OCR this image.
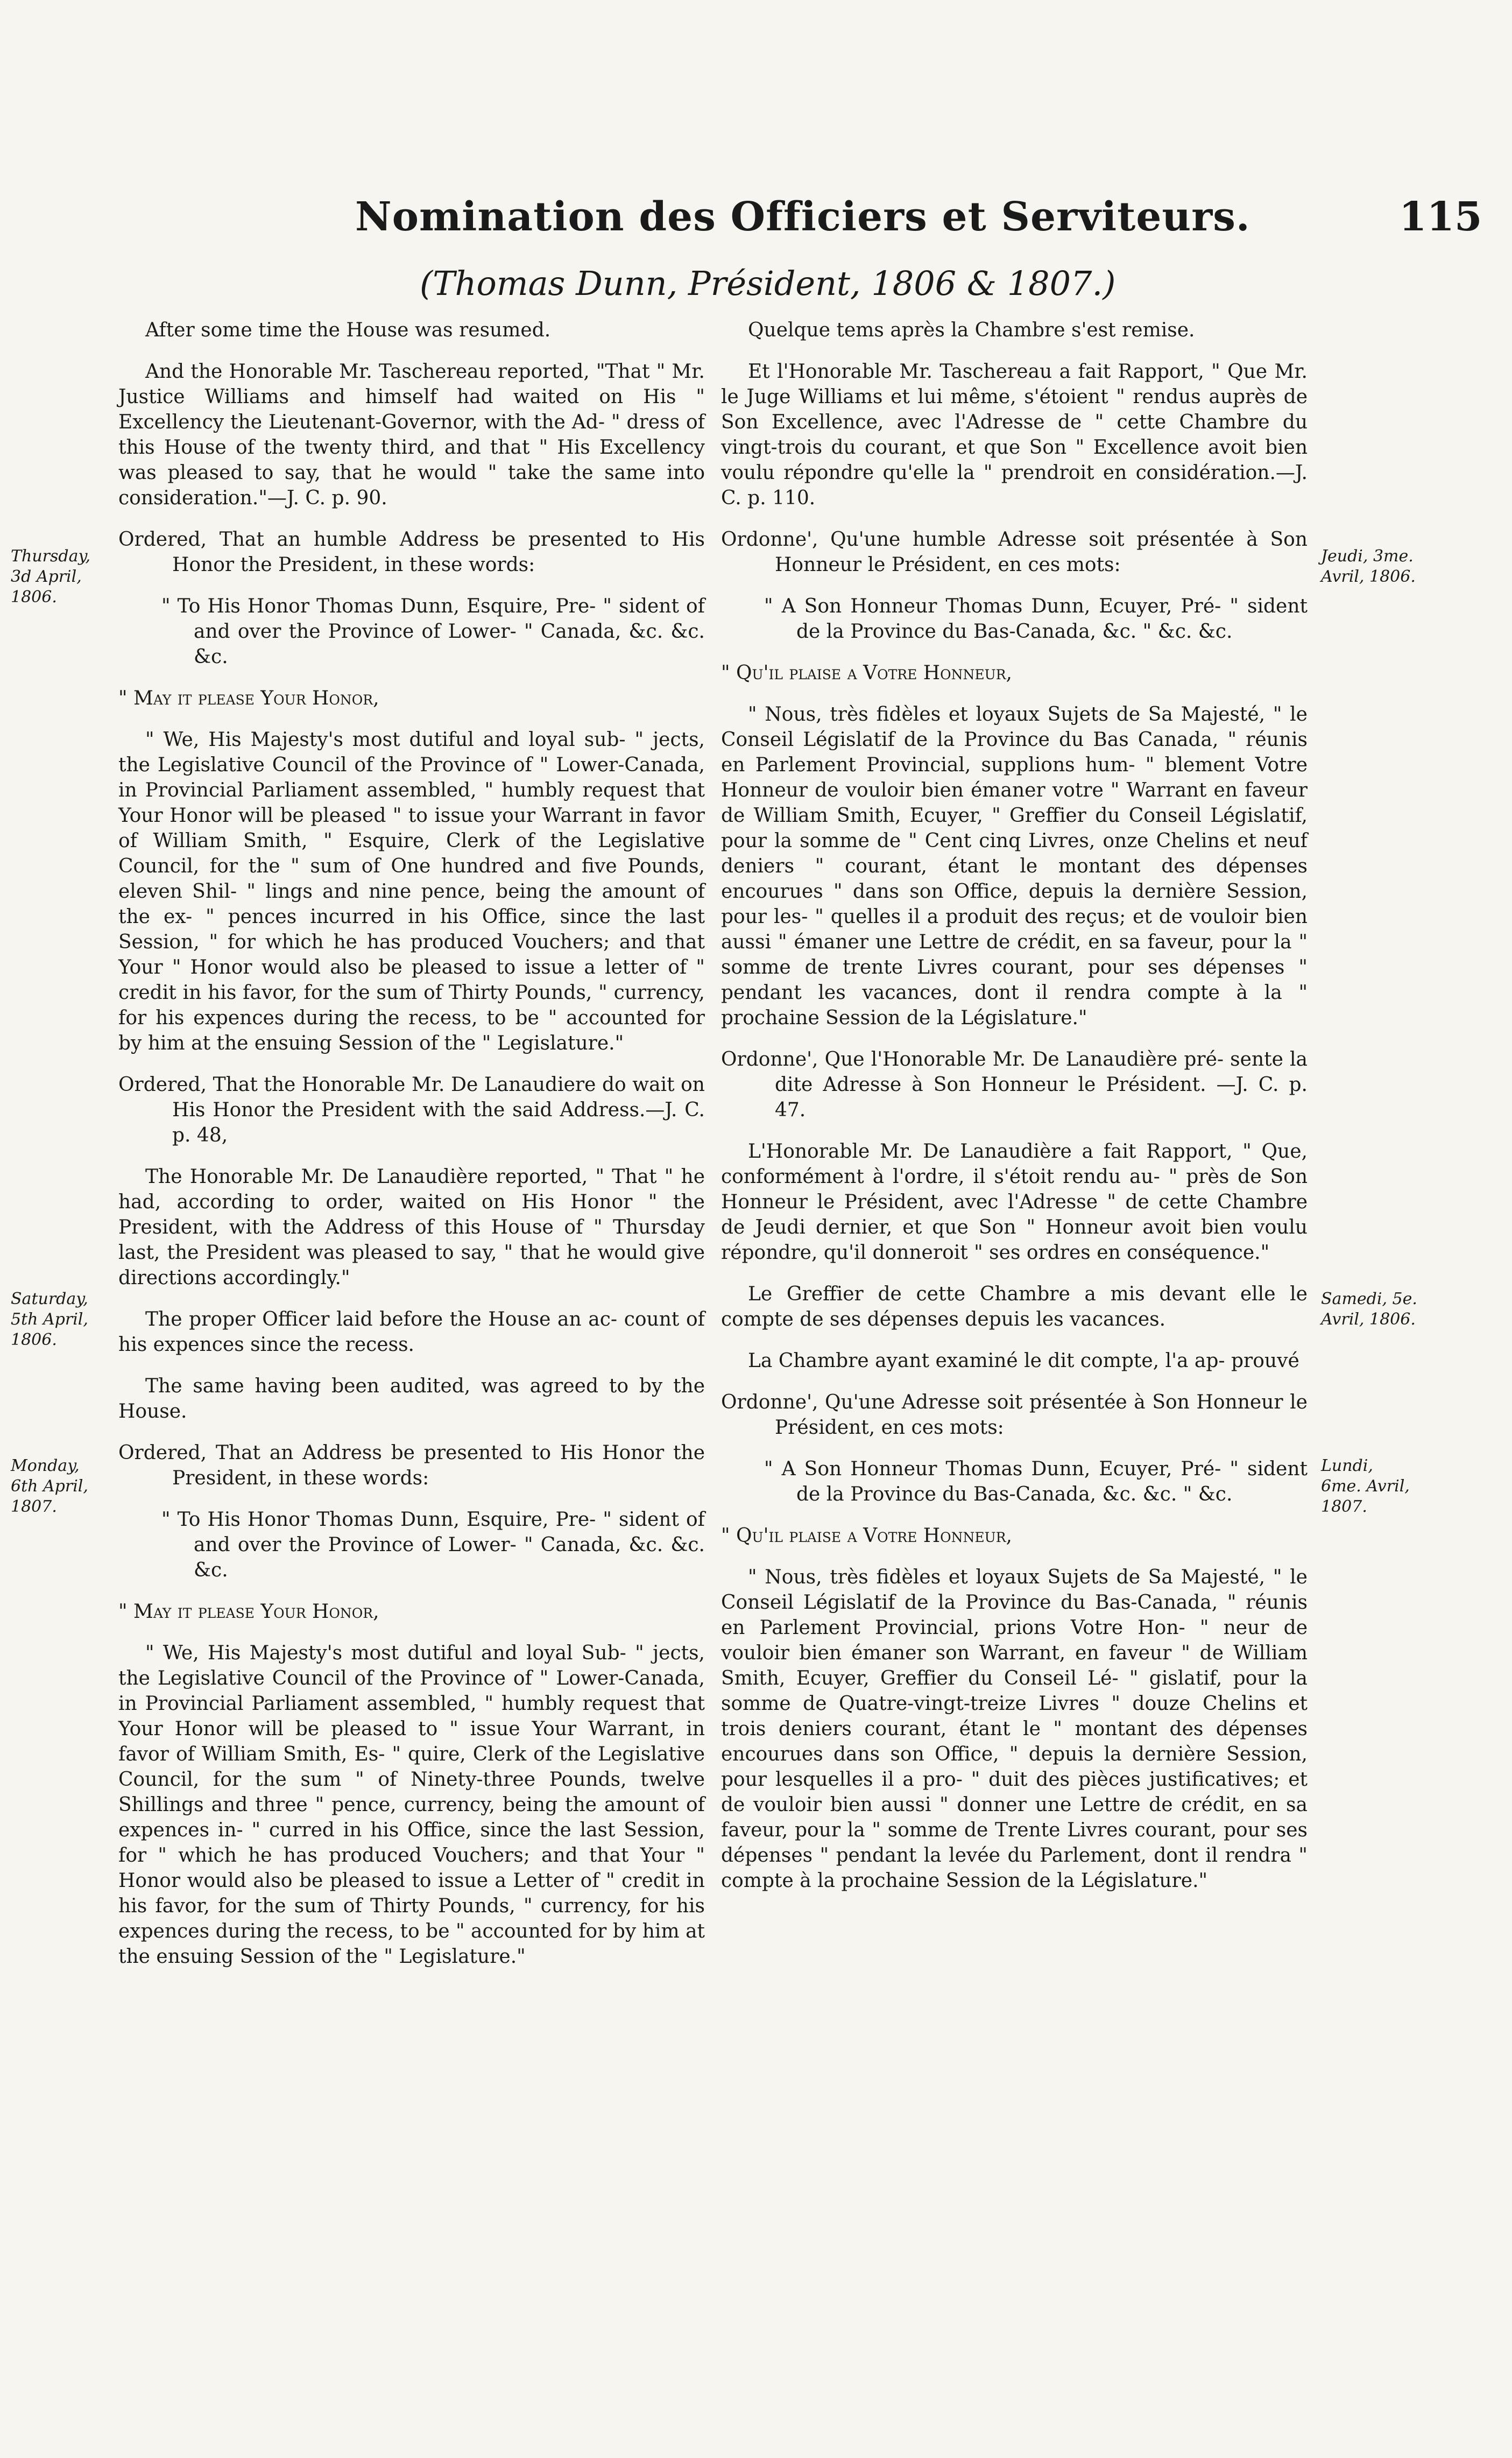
Nomination des Officiers et Serviteurs.	115
(Thomas Dunn, Président, 1806 & 1807.)
After some time the House was resumed.
And the Honorable Mr. Taschereau reported, "That " Mr. Justice Williams and himself had waited on His " Excellency the Lieutenant-Governor, with the Ad- " dress of this House of the twenty third, and that " His Excellency was pleased to say, that he would " take the same into consideration."—J. C. p. 90.
Ordered, That an humble Address be presented to His Honor the President, in these words:
" To His Honor Thomas Dunn, Esquire, Pre- " sident of and over the Province of Lower- " Canada, &c. &c. &c.
" May it please Your Honor,
" We, His Majesty's most dutiful and loyal sub- " jects, the Legislative Council of the Province of " Lower-Canada, in Provincial Parliament assembled, " humbly request that Your Honor will be pleased " to issue your Warrant in favor of William Smith, " Esquire, Clerk of the Legislative Council, for the " sum of One hundred and five Pounds, eleven Shil- " lings and nine pence, being the amount of the ex- " pences incurred in his Office, since the last Session, " for which he has produced Vouchers; and that Your " Honor would also be pleased to issue a letter of " credit in his favor, for the sum of Thirty Pounds, " currency, for his expences during the recess, to be " accounted for by him at the ensuing Session of the " Legislature."
Ordered, That the Honorable Mr. De Lanaudiere do wait on His Honor the President with the said Address.—J. C. p. 48,
The Honorable Mr. De Lanaudière reported, " That " he had, according to order, waited on His Honor " the President, with the Address of this House of " Thursday last, the President was pleased to say, " that he would give directions accordingly."
The proper Officer laid before the House an ac- count of his expences since the recess.
The same having been audited, was agreed to by the House.
Ordered, That an Address be presented to His Honor the President, in these words:
" To His Honor Thomas Dunn, Esquire, Pre- " sident of and over the Province of Lower- " Canada, &c. &c. &c.
" May it please Your Honor,
" We, His Majesty's most dutiful and loyal Sub- " jects, the Legislative Council of the Province of " Lower-Canada, in Provincial Parliament assembled, " humbly request that Your Honor will be pleased to " issue Your Warrant, in favor of William Smith, Es- " quire, Clerk of the Legislative Council, for the sum " of Ninety-three Pounds, twelve Shillings and three " pence, currency, being the amount of expences in- " curred in his Office, since the last Session, for " which he has produced Vouchers; and that Your " Honor would also be pleased to issue a Letter of " credit in his favor, for the sum of Thirty Pounds, " currency, for his expences during the recess, to be " accounted for by him at the ensuing Session of the " Legislature."
Quelque tems après la Chambre s'est remise.
Et l'Honorable Mr. Taschereau a fait Rapport, " Que Mr. le Juge Williams et lui même, s'étoient " rendus auprès de Son Excellence, avec l'Adresse de " cette Chambre du vingt-trois du courant, et que Son " Excellence avoit bien voulu répondre qu'elle la " prendroit en considération.—J. C. p. 110.
Ordonne', Qu'une humble Adresse soit présentée à Son Honneur le Président, en ces mots:
" A Son Honneur Thomas Dunn, Ecuyer, Pré- " sident de la Province du Bas-Canada, &c. " &c. &c.
" Qu'il plaise a Votre Honneur,
" Nous, très fidèles et loyaux Sujets de Sa Majesté, " le Conseil Législatif de la Province du Bas Canada, " réunis en Parlement Provincial, supplions hum- " blement Votre Honneur de vouloir bien émaner votre " Warrant en faveur de William Smith, Ecuyer, " Greffier du Conseil Législatif, pour la somme de " Cent cinq Livres, onze Chelins et neuf deniers " courant, étant le montant des dépenses encourues " dans son Office, depuis la dernière Session, pour les- " quelles il a produit des reçus; et de vouloir bien aussi " émaner une Lettre de crédit, en sa faveur, pour la " somme de trente Livres courant, pour ses dépenses " pendant les vacances, dont il rendra compte à la " prochaine Session de la Législature."
Ordonne', Que l'Honorable Mr. De Lanaudière pré- sente la dite Adresse à Son Honneur le Président. —J. C. p. 47.
L'Honorable Mr. De Lanaudière a fait Rapport, " Que, conformément à l'ordre, il s'étoit rendu au- " près de Son Honneur le Président, avec l'Adresse " de cette Chambre de Jeudi dernier, et que Son " Honneur avoit bien voulu répondre, qu'il donneroit " ses ordres en conséquence."
Le Greffier de cette Chambre a mis devant elle le compte de ses dépenses depuis les vacances.
La Chambre ayant examiné le dit compte, l'a ap- prouvé
Ordonne', Qu'une Adresse soit présentée à Son Honneur le Président, en ces mots:
" A Son Honneur Thomas Dunn, Ecuyer, Pré- " sident de la Province du Bas-Canada, &c. &c. " &c.
" Qu'il plaise a Votre Honneur,
" Nous, très fidèles et loyaux Sujets de Sa Majesté, " le Conseil Législatif de la Province du Bas-Canada, " réunis en Parlement Provincial, prions Votre Hon- " neur de vouloir bien émaner son Warrant, en faveur " de William Smith, Ecuyer, Greffier du Conseil Lé- " gislatif, pour la somme de Quatre-vingt-treize Livres " douze Chelins et trois deniers courant, étant le " montant des dépenses encourues dans son Office, " depuis la dernière Session, pour lesquelles il a pro- " duit des pièces justificatives; et de vouloir bien aussi " donner une Lettre de crédit, en sa faveur, pour la " somme de Trente Livres courant, pour ses dépenses " pendant la levée du Parlement, dont il rendra " compte à la prochaine Session de la Législature."
Thursday, 3d April, 1806.
Saturday, 5th April, 1806.
Monday, 6th April, 1807.
Jeudi, 3me. Avril, 1806.
Samedi, 5e. Avril, 1806.
Lundi, 6me. Avril, 1807.
